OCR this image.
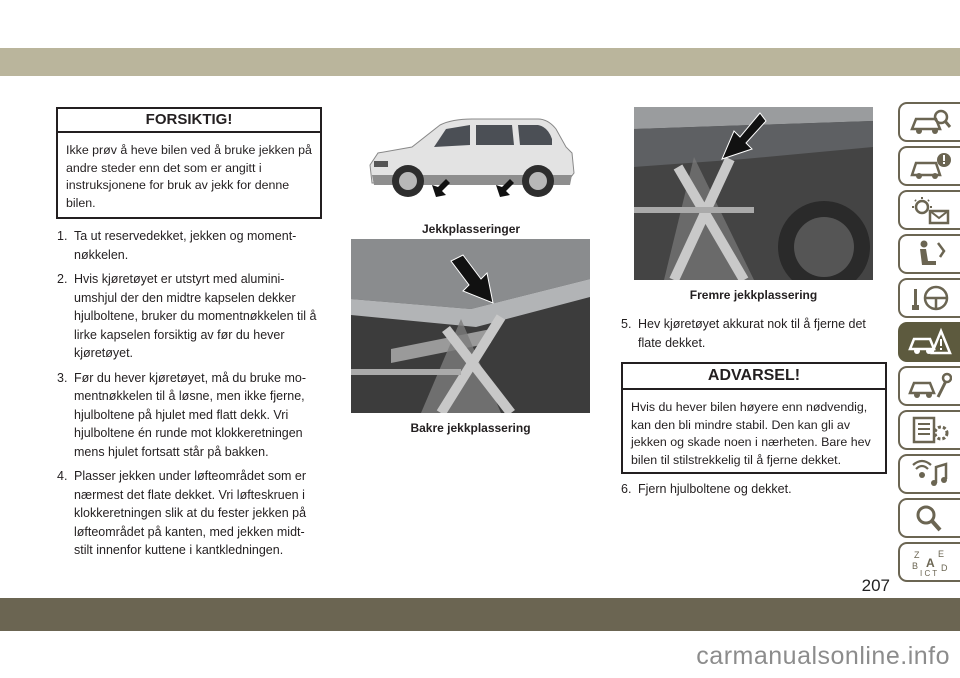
FORSIKTIG!
Ikke prøv å heve bilen ved å bruke jekken på andre steder enn det som er angitt i instruksjonene for bruk av jekk for denne bilen.
1. Ta ut reservedekket, jekken og moment-nøkkelen.
2. Hvis kjøretøyet er utstyrt med alumini-umshjul der den midtre kapselen dekker hjulboltene, bruker du momentnøkkelen til å lirke kapselen forsiktig av før du hever kjøretøyet.
3. Før du hever kjøretøyet, må du bruke mo-mentnøkkelen til å løsne, men ikke fjerne, hjulboltene på hjulet med flatt dekk. Vri hjulboltene én runde mot klokkeretningen mens hjulet fortsatt står på bakken.
4. Plasser jekken under løfteområdet som er nærmest det flate dekket. Vri løfteskruen i klokkeretningen slik at du fester jekken på løfteområdet på kanten, med jekken midt-stilt innenfor kuttene i kantkledningen.
Jekkplasseringer
Bakre jekkplassering
Fremre jekkplassering
5. Hev kjøretøyet akkurat nok til å fjerne det flate dekket.
ADVARSEL!
Hvis du hever bilen høyere enn nødvendig, kan den bli mindre stabil. Den kan gli av jekken og skade noen i nærheten. Bare hev bilen til stilstrekkelig til å fjerne dekket.
6. Fjern hjulboltene og dekket.
Z E
B A D
I C T
207
carmanualsonline.info
